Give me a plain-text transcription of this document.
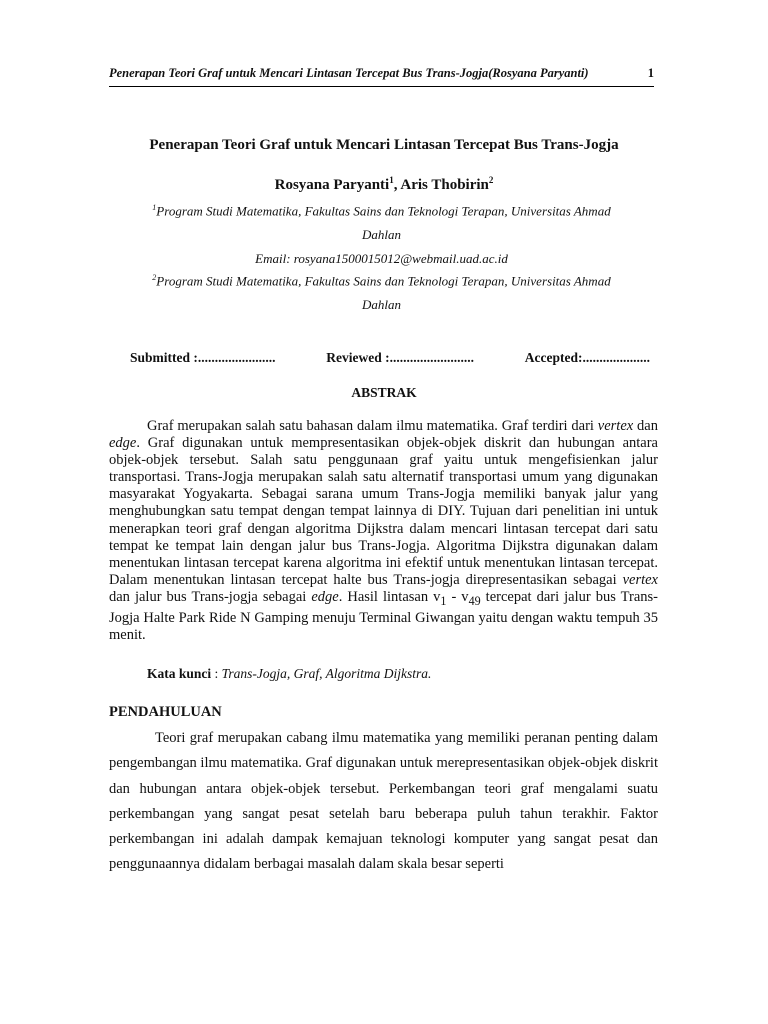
Penerapan Teori Graf untuk Mencari Lintasan Tercepat Bus Trans-Jogja(Rosyana Paryanti)	1
Penerapan Teori Graf untuk Mencari Lintasan Tercepat Bus Trans-Jogja
Rosyana Paryanti$^1$, Aris Thobirin$^2$
$^1$Program Studi Matematika, Fakultas Sains dan Teknologi Terapan, Universitas Ahmad
Dahlan
Email: rosyana1500015012@webmail.uad.ac.id
$^2$Program Studi Matematika, Fakultas Sains dan Teknologi Terapan, Universitas Ahmad
Dahlan
Submitted :.......................	Reviewed :.........................	Accepted:....................
ABSTRAK

Graf merupakan salah satu bahasan dalam ilmu matematika. Graf terdiri dari vertex dan edge. Graf digunakan untuk mempresentasikan objek-objek diskrit dan hubungan antara objek-objek tersebut. Salah satu penggunaan graf yaitu untuk mengefisienkan jalur transportasi. Trans-Jogja merupakan salah satu alternatif transportasi umum yang digunakan masyarakat Yogyakarta. Sebagai sarana umum Trans-Jogja memiliki banyak jalur yang menghubungkan satu tempat dengan tempat lainnya di DIY. Tujuan dari penelitian ini untuk menerapkan teori graf dengan algoritma Dijkstra dalam mencari lintasan tercepat dari satu tempat ke tempat lain dengan jalur bus Trans-Jogja. Algoritma Dijkstra digunakan dalam menentukan lintasan tercepat karena algoritma ini efektif untuk menentukan lintasan tercepat. Dalam menentukan lintasan tercepat halte bus Trans-jogja direpresentasikan sebagai vertex dan jalur bus Trans-jogja sebagai edge. Hasil lintasan $v_1 - v_{49}$ tercepat dari jalur bus Trans-Jogja Halte Park Ride N Gamping menuju Terminal Giwangan yaitu dengan waktu tempuh 35 menit.

Kata kunci : Trans-Jogja, Graf, Algoritma Dijkstra.
PENDAHULUAN

Teori graf merupakan cabang ilmu matematika yang memiliki peranan penting dalam pengembangan ilmu matematika. Graf digunakan untuk merepresentasikan objek-objek diskrit dan hubungan antara objek-objek tersebut. Perkembangan teori graf mengalami suatu perkembangan yang sangat pesat setelah baru beberapa puluh tahun terakhir. Faktor perkembangan ini adalah dampak kemajuan teknologi komputer yang sangat pesat dan penggunaannya didalam berbagai masalah dalam skala besar seperti
